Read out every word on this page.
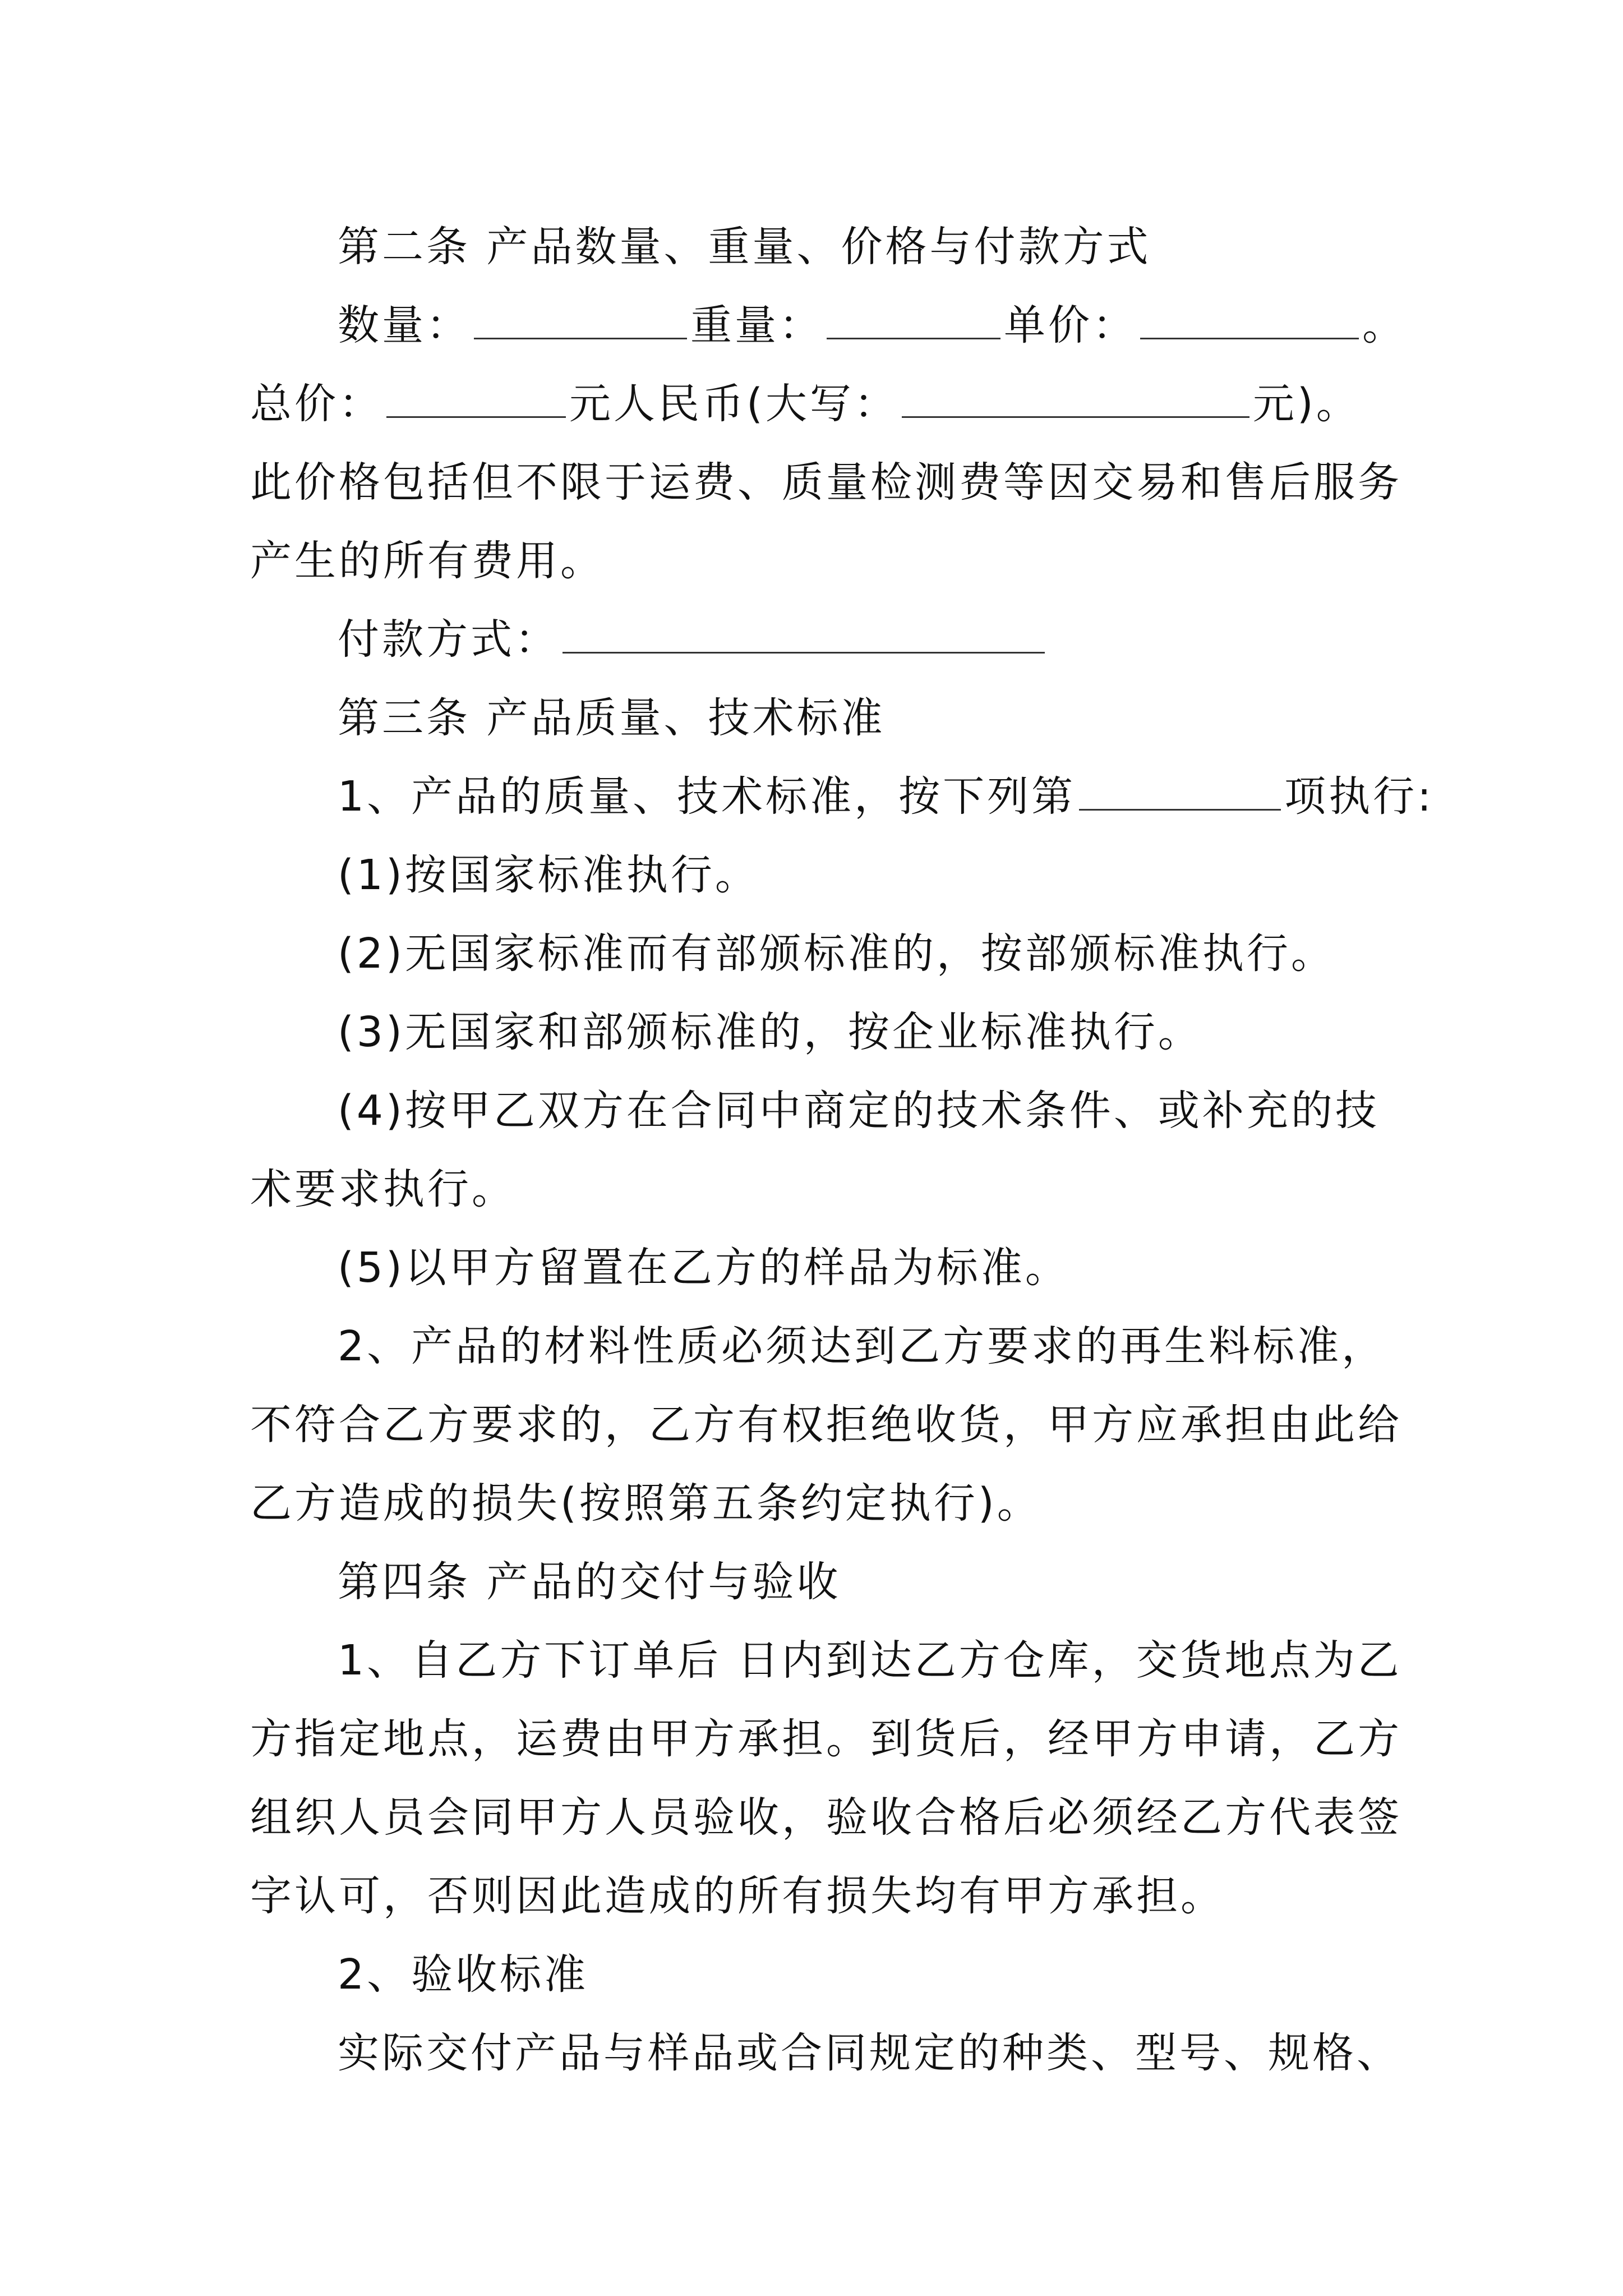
第二条 产品数量、重量、价格与付款方式
数量：	重量：	单价：	。
总价：	元人民币(大写：	元)。
此价格包括但不限于运费、质量检测费等因交易和售后服务
产生的所有费用。
付款方式：
第三条 产品质量、技术标准
1、产品的质量、技术标准，按下列第	项执行:
(1)按国家标准执行。
(2)无国家标准而有部颁标准的，按部颁标准执行。
(3)无国家和部颁标准的，按企业标准执行。
(4)按甲乙双方在合同中商定的技术条件、或补充的技
术要求执行。
(5)以甲方留置在乙方的样品为标准。
2、产品的材料性质必须达到乙方要求的再生料标准，
不符合乙方要求的，乙方有权拒绝收货，甲方应承担由此给
乙方造成的损失(按照第五条约定执行)。
第四条 产品的交付与验收
1、自乙方下订单后 日内到达乙方仓库，交货地点为乙
方指定地点，运费由甲方承担。到货后，经甲方申请，乙方
组织人员会同甲方人员验收，验收合格后必须经乙方代表签
字认可，否则因此造成的所有损失均有甲方承担。
2、验收标准
实际交付产品与样品或合同规定的种类、型号、规格、
